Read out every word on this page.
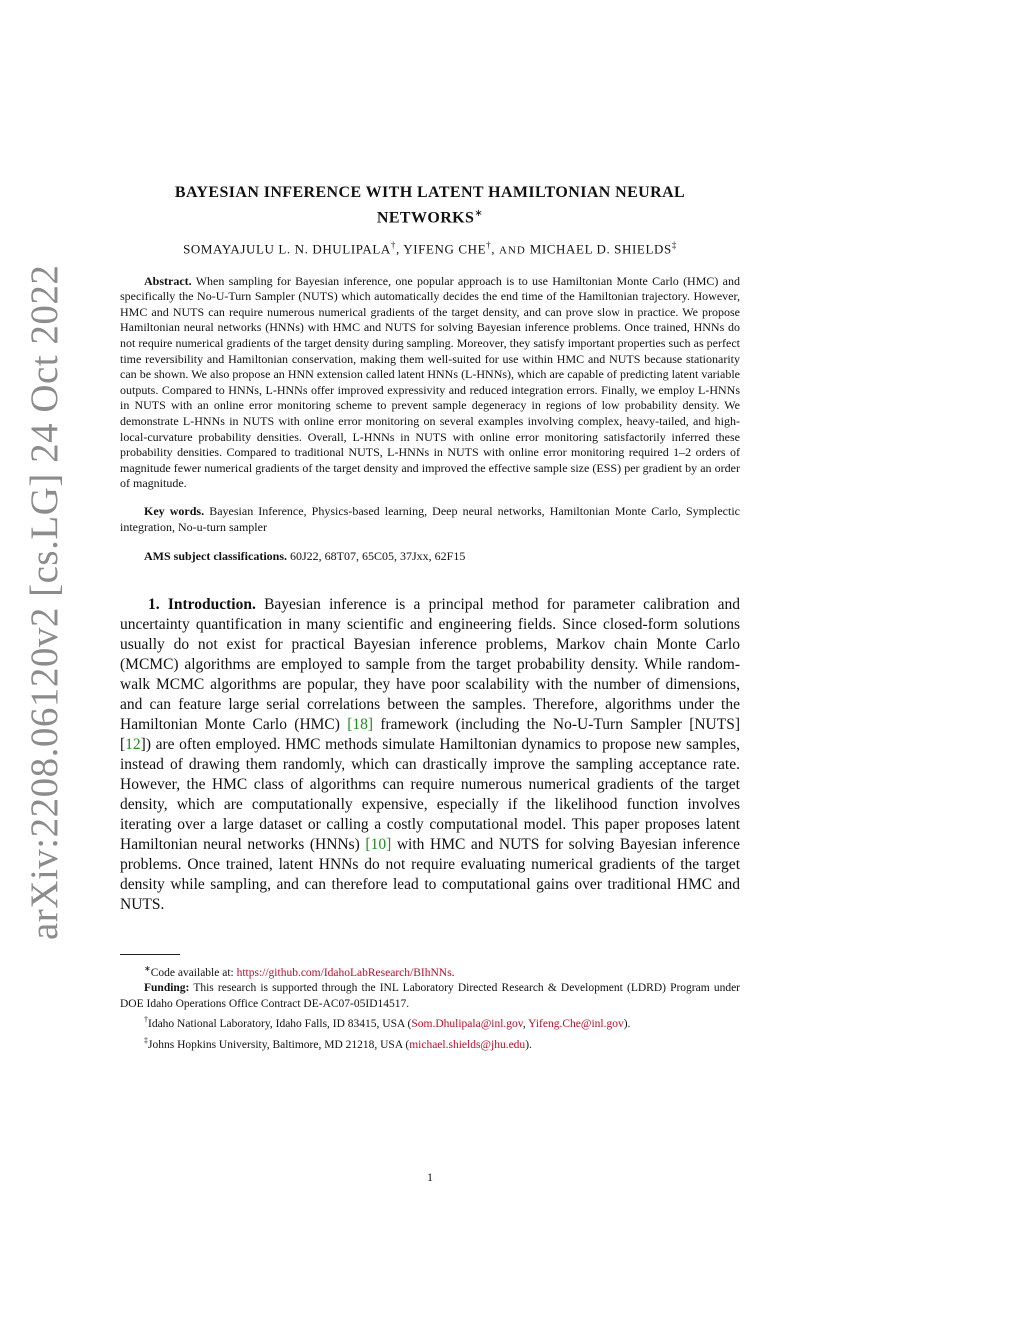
arXiv:2208.06120v2 [cs.LG] 24 Oct 2022
BAYESIAN INFERENCE WITH LATENT HAMILTONIAN NEURAL
NETWORKS∗
SOMAYAJULU L. N. DHULIPALA†, YIFENG CHE†, AND MICHAEL D. SHIELDS‡
Abstract. When sampling for Bayesian inference, one popular approach is to use Hamiltonian Monte Carlo (HMC) and specifically the No-U-Turn Sampler (NUTS) which automatically decides the end time of the Hamiltonian trajectory. However, HMC and NUTS can require numerous numerical gradients of the target density, and can prove slow in practice. We propose Hamiltonian neural networks (HNNs) with HMC and NUTS for solving Bayesian inference problems. Once trained, HNNs do not require numerical gradients of the target density during sampling. Moreover, they satisfy important properties such as perfect time reversibility and Hamiltonian conservation, making them well-suited for use within HMC and NUTS because stationarity can be shown. We also propose an HNN extension called latent HNNs (L-HNNs), which are capable of predicting latent variable outputs. Compared to HNNs, L-HNNs offer improved expressivity and reduced integration errors. Finally, we employ L-HNNs in NUTS with an online error monitoring scheme to prevent sample degeneracy in regions of low probability density. We demonstrate L-HNNs in NUTS with online error monitoring on several examples involving complex, heavy-tailed, and high-local-curvature probability densities. Overall, L-HNNs in NUTS with online error monitoring satisfactorily inferred these probability densities. Compared to traditional NUTS, L-HNNs in NUTS with online error monitoring required 1–2 orders of magnitude fewer numerical gradients of the target density and improved the effective sample size (ESS) per gradient by an order of magnitude.
Key words. Bayesian Inference, Physics-based learning, Deep neural networks, Hamiltonian Monte Carlo, Symplectic integration, No-u-turn sampler
AMS subject classifications. 60J22, 68T07, 65C05, 37Jxx, 62F15
1. Introduction. Bayesian inference is a principal method for parameter calibration and uncertainty quantification in many scientific and engineering fields. Since closed-form solutions usually do not exist for practical Bayesian inference problems, Markov chain Monte Carlo (MCMC) algorithms are employed to sample from the target probability density. While random-walk MCMC algorithms are popular, they have poor scalability with the number of dimensions, and can feature large serial correlations between the samples. Therefore, algorithms under the Hamiltonian Monte Carlo (HMC) [18] framework (including the No-U-Turn Sampler [NUTS] [12]) are often employed. HMC methods simulate Hamiltonian dynamics to propose new samples, instead of drawing them randomly, which can drastically improve the sampling acceptance rate. However, the HMC class of algorithms can require numerous numerical gradients of the target density, which are computationally expensive, especially if the likelihood function involves iterating over a large dataset or calling a costly computational model. This paper proposes latent Hamiltonian neural networks (HNNs) [10] with HMC and NUTS for solving Bayesian inference problems. Once trained, latent HNNs do not require evaluating numerical gradients of the target density while sampling, and can therefore lead to computational gains over traditional HMC and NUTS.

∗Code available at: https://github.com/IdahoLabResearch/BIhNNs.

Funding: This research is supported through the INL Laboratory Directed Research & Development (LDRD) Program under DOE Idaho Operations Office Contract DE-AC07-05ID14517.

†Idaho National Laboratory, Idaho Falls, ID 83415, USA (Som.Dhulipala@inl.gov, Yifeng.Che@inl.gov).

‡Johns Hopkins University, Baltimore, MD 21218, USA (michael.shields@jhu.edu).

1
